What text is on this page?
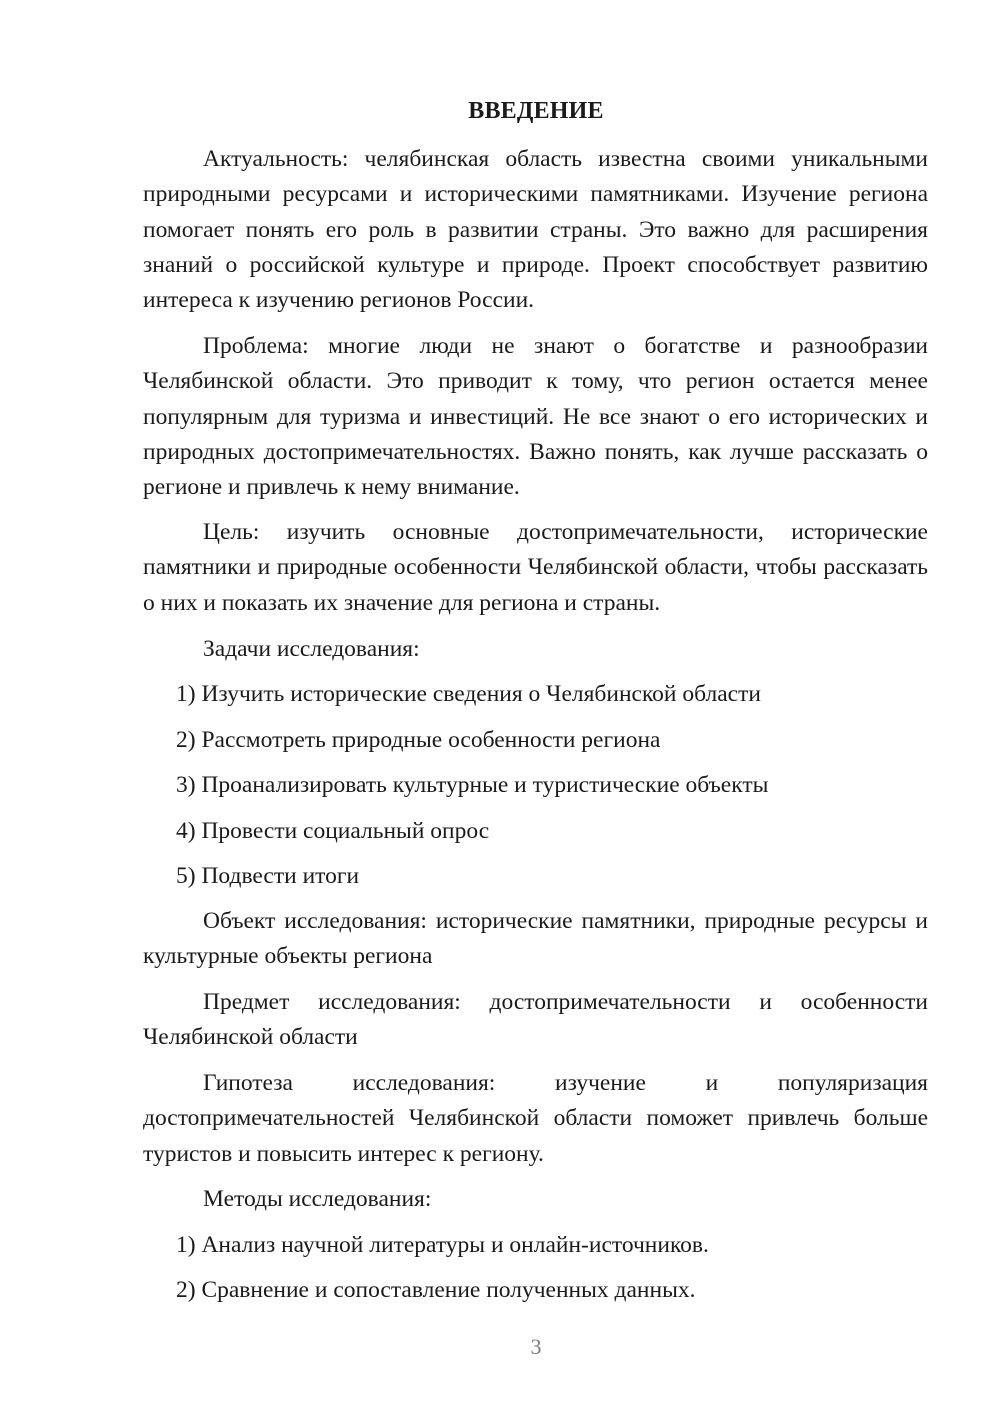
ВВЕДЕНИЕ

Актуальность: челябинская область известна своими уникальными природными ресурсами и историческими памятниками. Изучение региона помогает понять его роль в развитии страны. Это важно для расширения знаний о российской культуре и природе. Проект способствует развитию интереса к изучению регионов России.

Проблема: многие люди не знают о богатстве и разнообразии Челябинской области. Это приводит к тому, что регион остается менее популярным для туризма и инвестиций. Не все знают о его исторических и природных достопримечательностях. Важно понять, как лучше рассказать о регионе и привлечь к нему внимание.

Цель: изучить основные достопримечательности, исторические памятники и природные особенности Челябинской области, чтобы рассказать о них и показать их значение для региона и страны.

Задачи исследования:

1) Изучить исторические сведения о Челябинской области

2) Рассмотреть природные особенности региона

3) Проанализировать культурные и туристические объекты

4) Провести социальный опрос

5) Подвести итоги

Объект исследования: исторические памятники, природные ресурсы и культурные объекты региона

Предмет исследования: достопримечательности и особенности Челябинской области

Гипотеза исследования: изучение и популяризация достопримечательностей Челябинской области поможет привлечь больше туристов и повысить интерес к региону.

Методы исследования:

1) Анализ научной литературы и онлайн-источников.

2) Сравнение и сопоставление полученных данных.

3
